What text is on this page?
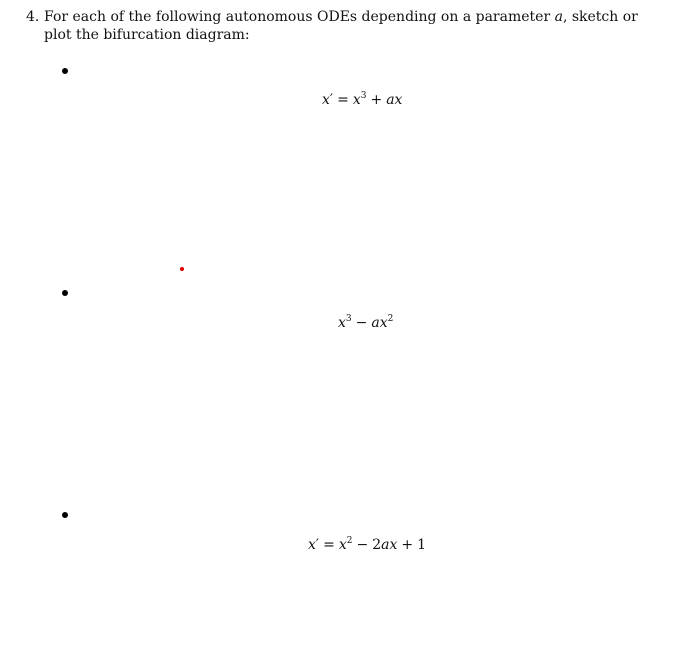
4. For each of the following autonomous ODEs depending on a parameter a, sketch or plot the bifurcation diagram:
$x' = x^3$ + ax
$x^3 - ax^2$
$x' = x^2 - 2ax + 1$
